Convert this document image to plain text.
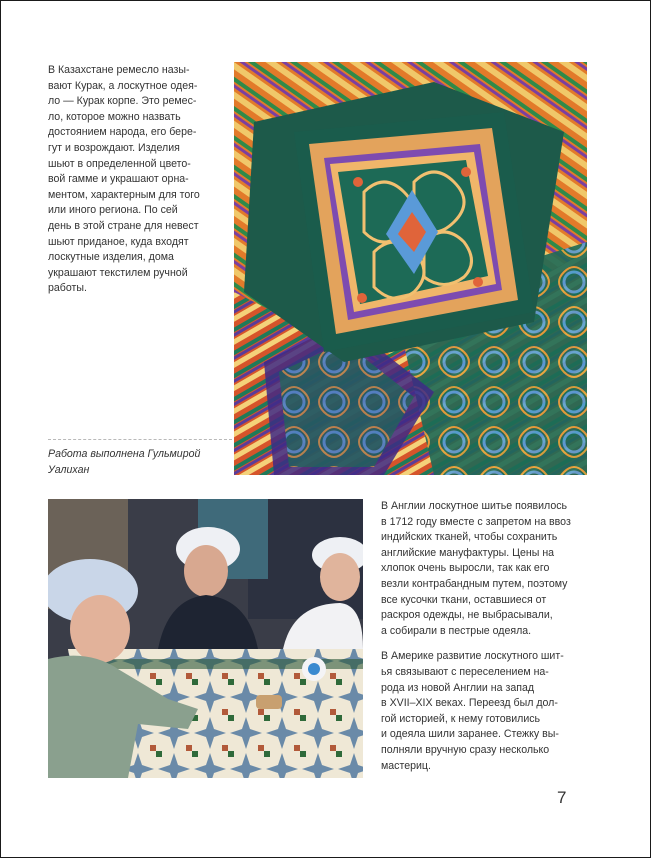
В Казахстане ремесло назы-
вают Курак, а лоскутное одея-
ло — Курак корпе. Это ремес-
ло, которое можно назвать
достоянием народа, его бере-
гут и возрождают. Изделия
шьют в определенной цвето-
вой гамме и украшают орна-
ментом, характерным для того
или иного региона. По сей
день в этой стране для невест
шьют приданое, куда входят
лоскутные изделия, дома
украшают текстилем ручной
работы.
Работа выполнена Гульмирой
Уалихан

В Англии лоскутное шитье появилось
в 1712 году вместе с запретом на ввоз
индийских тканей, чтобы сохранить
английские мануфактуры. Цены на
хлопок очень выросли, так как его
везли контрабандным путем, поэтому
все кусочки ткани, оставшиеся от
раскроя одежды, не выбрасывали,
а собирали в пестрые одеяла.

В Америке развитие лоскутного шит-
ья связывают с переселением на-
рода из новой Англии на запад
в XVII–XIX веках. Переезд был дол-
гой историей, к нему готовились
и одеяла шили заранее. Стежку вы-
полняли вручную сразу несколько
мастериц.

7
